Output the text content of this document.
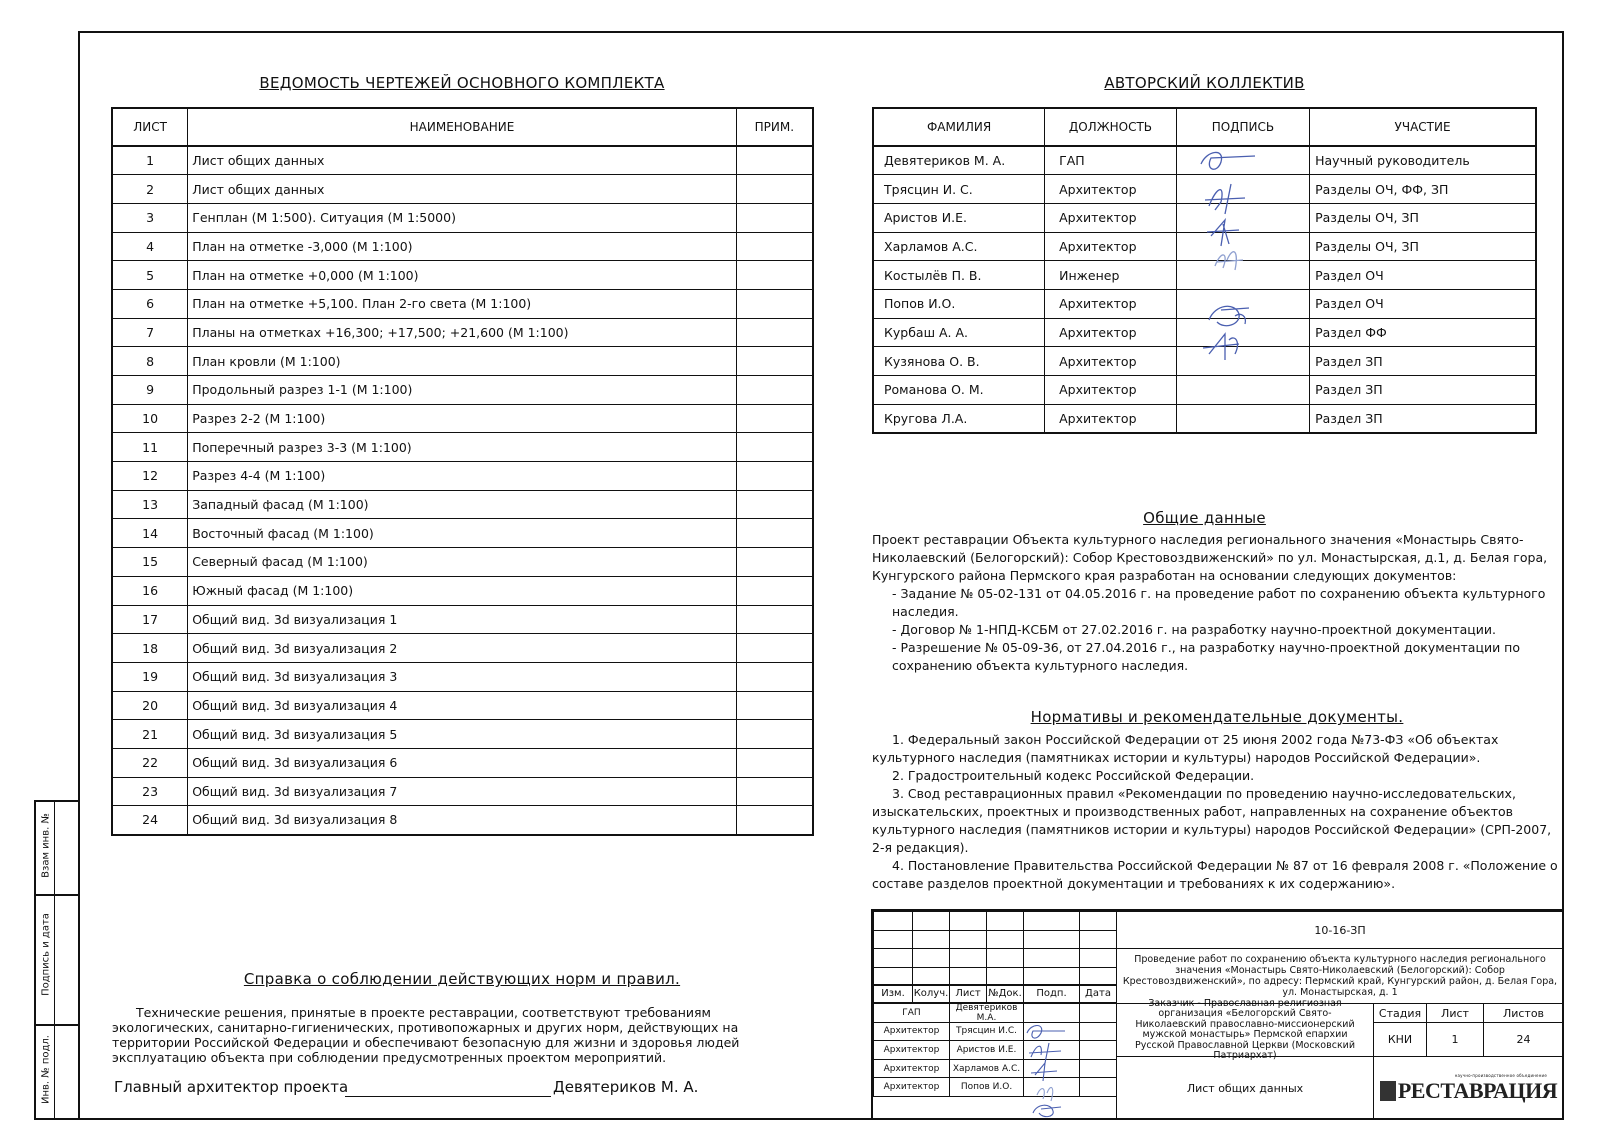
Взам инв. №
Подпись и дата
Инв. № подл.
ВЕДОМОСТЬ ЧЕРТЕЖЕЙ ОСНОВНОГО КОМПЛЕКТА
ЛИСТ	НАИМЕНОВАНИЕ	ПРИМ.
1	Лист общих данных	
2	Лист общих данных	
3	Генплан (М 1:500). Ситуация (М 1:5000)	
4	План на отметке -3,000 (М 1:100)	
5	План на отметке +0,000 (М 1:100)	
6	План на отметке +5,100. План 2-го света (М 1:100)	
7	Планы на отметках +16,300; +17,500; +21,600 (М 1:100)	
8	План кровли (М 1:100)	
9	Продольный разрез 1-1 (М 1:100)	
10	Разрез 2-2 (М 1:100)	
11	Поперечный разрез 3-3 (М 1:100)	
12	Разрез 4-4 (М 1:100)	
13	Западный фасад (М 1:100)	
14	Восточный фасад (М 1:100)	
15	Северный фасад (М 1:100)	
16	Южный фасад (М 1:100)	
17	Общий вид. 3d визуализация 1	
18	Общий вид. 3d визуализация 2	
19	Общий вид. 3d визуализация 3	
20	Общий вид. 3d визуализация 4	
21	Общий вид. 3d визуализация 5	
22	Общий вид. 3d визуализация 6	
23	Общий вид. 3d визуализация 7	
24	Общий вид. 3d визуализация 8	
АВТОРСКИЙ КОЛЛЕКТИВ
ФАМИЛИЯ	ДОЛЖНОСТЬ	ПОДПИСЬ	УЧАСТИЕ
Девятериков М. А.	ГАП		Научный руководитель
Трясцин И. С.	Архитектор		Разделы ОЧ, ФФ, ЗП
Аристов И.Е.	Архитектор		Разделы ОЧ, ЗП
Харламов А.С.	Архитектор		Разделы ОЧ, ЗП
Костылёв П. В.	Инженер		Раздел ОЧ
Попов И.О.	Архитектор		Раздел ОЧ
Курбаш А. А.	Архитектор		Раздел ФФ
Кузянова О. В.	Архитектор		Раздел ЗП
Романова О. М.	Архитектор		Раздел ЗП
Кругова Л.А.	Архитектор		Раздел ЗП
Общие данные
Проект реставрации Объекта культурного наследия регионального значения «Монастырь Свято-Николаевский (Белогорский): Собор Крестовоздвиженский» по ул. Монастырская, д.1, д. Белая гора, Кунгурского района Пермского края разработан на основании следующих документов:
- Задание № 05-02-131 от 04.05.2016 г. на проведение работ по сохранению объекта культурного наследия.
- Договор № 1-НПД-КСБМ от 27.02.2016 г. на разработку научно-проектной документации.
- Разрешение № 05-09-36, от 27.04.2016 г., на разработку научно-проектной документации по сохранению объекта культурного наследия.
Нормативы и рекомендательные документы.
1. Федеральный закон Российской Федерации от 25 июня 2002 года №73-ФЗ «Об объектах культурного наследия (памятниках истории и культуры) народов Российской Федерации».
2. Градостроительный кодекс Российской Федерации.
3. Свод реставрационных правил «Рекомендации по проведению научно-исследовательских, изыскательских, проектных и производственных работ, направленных на сохранение объектов культурного наследия (памятников истории и культуры) народов Российской Федерации» (СРП-2007, 2-я редакция).
4. Постановление Правительства Российской Федерации № 87 от 16 февраля 2008 г. «Положение о составе разделов проектной документации и требованиях к их содержанию».
Справка о соблюдении действующих норм и правил.
Технические решения, принятые в проекте реставрации, соответствуют требованиям экологических, санитарно-гигиенических, противопожарных и других норм, действующих на территории Российской Федерации и обеспечивают безопасную для жизни и здоровья людей эксплуатацию объекта при соблюдении предусмотренных проектом мероприятий.
Главный архитектор проекта	Девятериков М. А.
Изм. Колуч. Лист №Док.	Подп.	Дата
ГАП	Девятериков М.А.
Архитектор	Трясцин И.С.
Архитектор	Аристов И.Е.
Архитектор	Харламов А.С.
Архитектор	Попов И.О.
10-16-ЗП
Проведение работ по сохранению объекта культурного наследия регионального значения «Монастырь Свято-Николаевский (Белогорский): Собор Крестовоздвиженский», по адресу: Пермский край, Кунгурский район, д. Белая Гора, ул. Монастырская, д. 1
Заказчик - Православная религиозная организация «Белогорский Свято-Николаевский православно-миссионерский мужской монастырь» Пермской епархии Русской Православной Церкви (Московский Патриархат)
Стадия	Лист	Листов
КНИ	1	24
Лист общих данных
научно-производственное объединение
РЕСТАВРАЦИЯ
